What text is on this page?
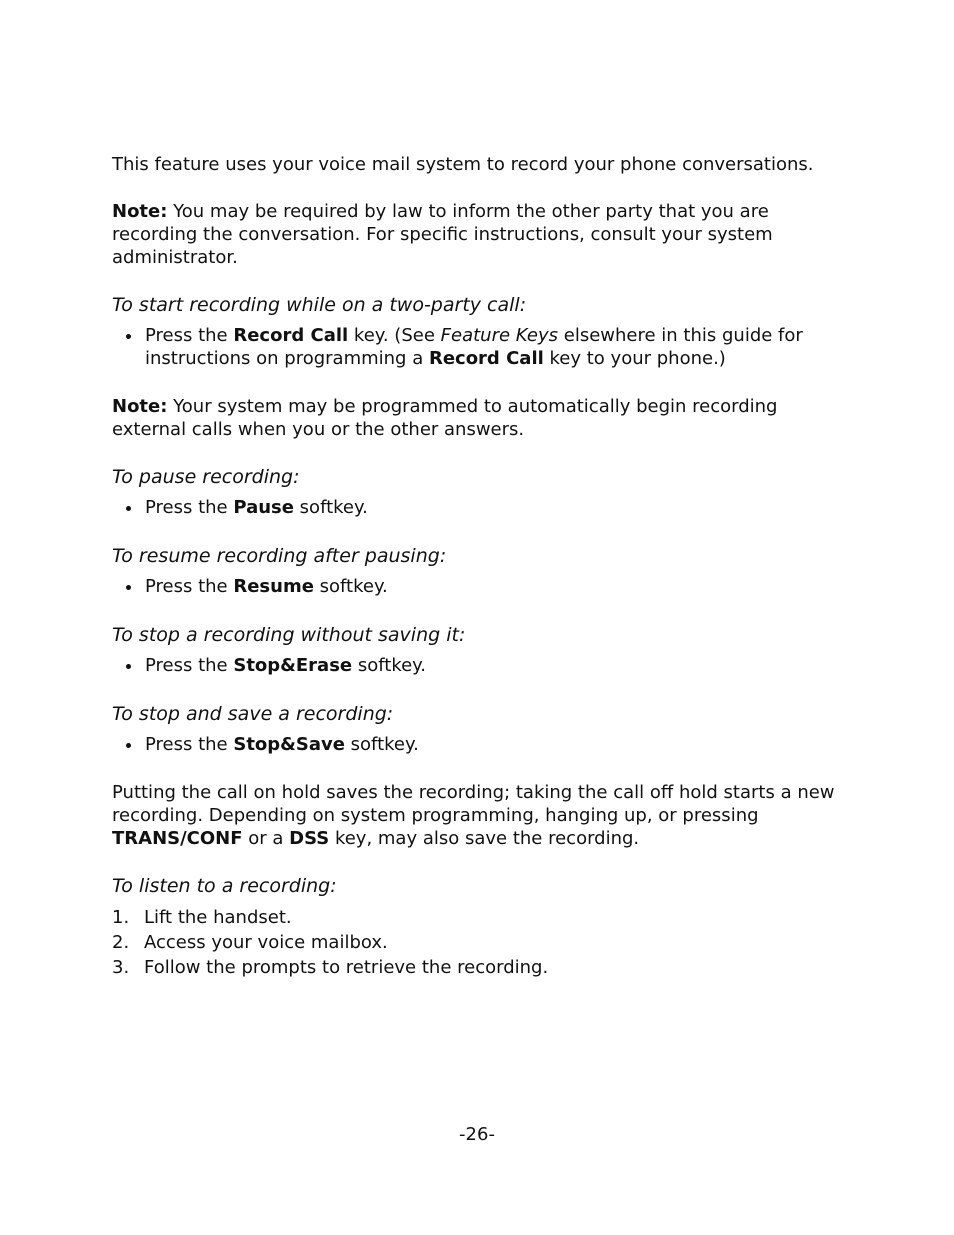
This feature uses your voice mail system to record your phone conversations.

Note: You may be required by law to inform the other party that you are recording the conversation. For specific instructions, consult your system administrator.

To start recording while on a two-party call:

Press the Record Call key. (See Feature Keys elsewhere in this guide for instructions on programming a Record Call key to your phone.)

Note: Your system may be programmed to automatically begin recording external calls when you or the other answers.

To pause recording:

Press the Pause softkey.

To resume recording after pausing:

Press the Resume softkey.

To stop a recording without saving it:

Press the Stop&Erase softkey.

To stop and save a recording:

Press the Stop&Save softkey.

Putting the call on hold saves the recording; taking the call off hold starts a new recording. Depending on system programming, hanging up, or pressing TRANS/CONF or a DSS key, may also save the recording.

To listen to a recording:

1. Lift the handset.
2. Access your voice mailbox.
3. Follow the prompts to retrieve the recording.
-26-
